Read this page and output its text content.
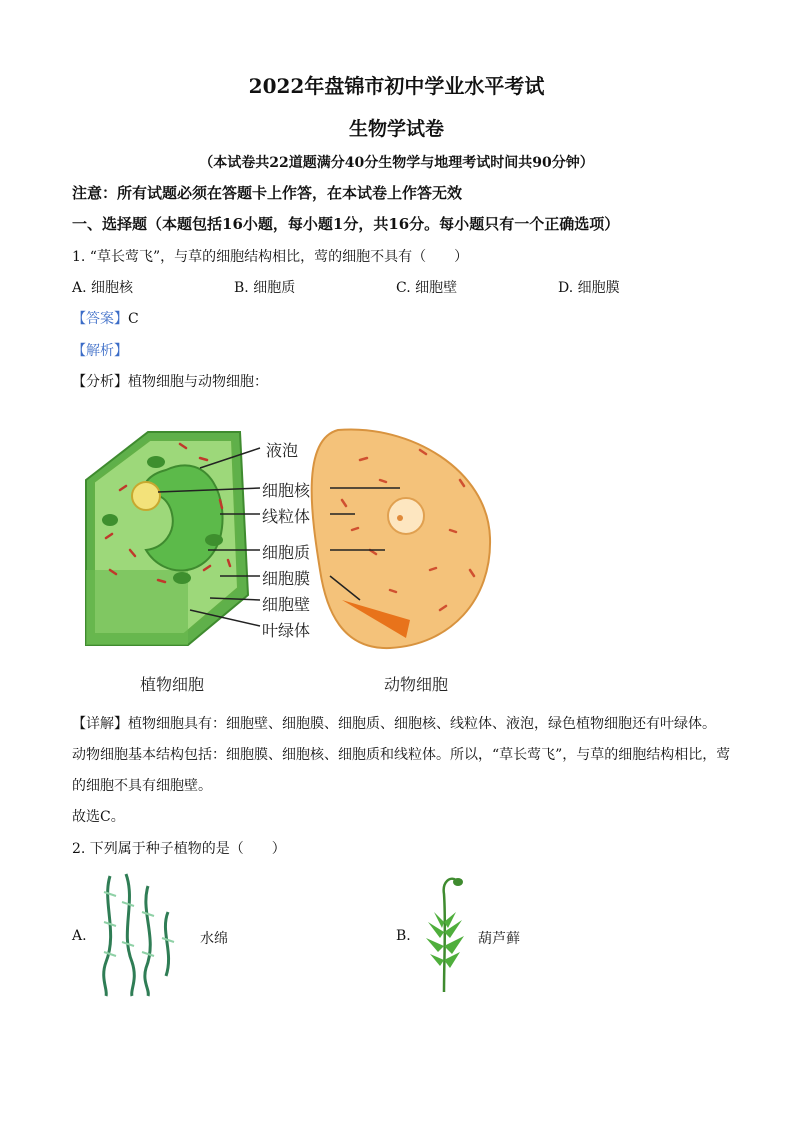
2022年盘锦市初中学业水平考试
生物学试卷
（本试卷共22道题满分40分生物学与地理考试时间共90分钟）
注意：所有试题必须在答题卡上作答，在本试卷上作答无效
一、选择题（本题包括16小题，每小题1分，共16分。每小题只有一个正确选项）
1. “草长莺飞”，与草的细胞结构相比，莺的细胞不具有（　　）
A. 细胞核	B. 细胞质	C. 细胞壁	D. 细胞膜
【答案】C
【解析】
【分析】植物细胞与动物细胞：
液泡
细胞核
线粒体
细胞质
细胞膜
细胞壁
叶绿体
植物细胞	动物细胞
【详解】植物细胞具有：细胞壁、细胞膜、细胞质、细胞核、线粒体、液泡，绿色植物细胞还有叶绿体。
动物细胞基本结构包括：细胞膜、细胞核、细胞质和线粒体。所以，“草长莺飞”，与草的细胞结构相比，莺
的细胞不具有细胞壁。
故选C。
2. 下列属于种子植物的是（　　）
A.	水绵	B.	葫芦藓
